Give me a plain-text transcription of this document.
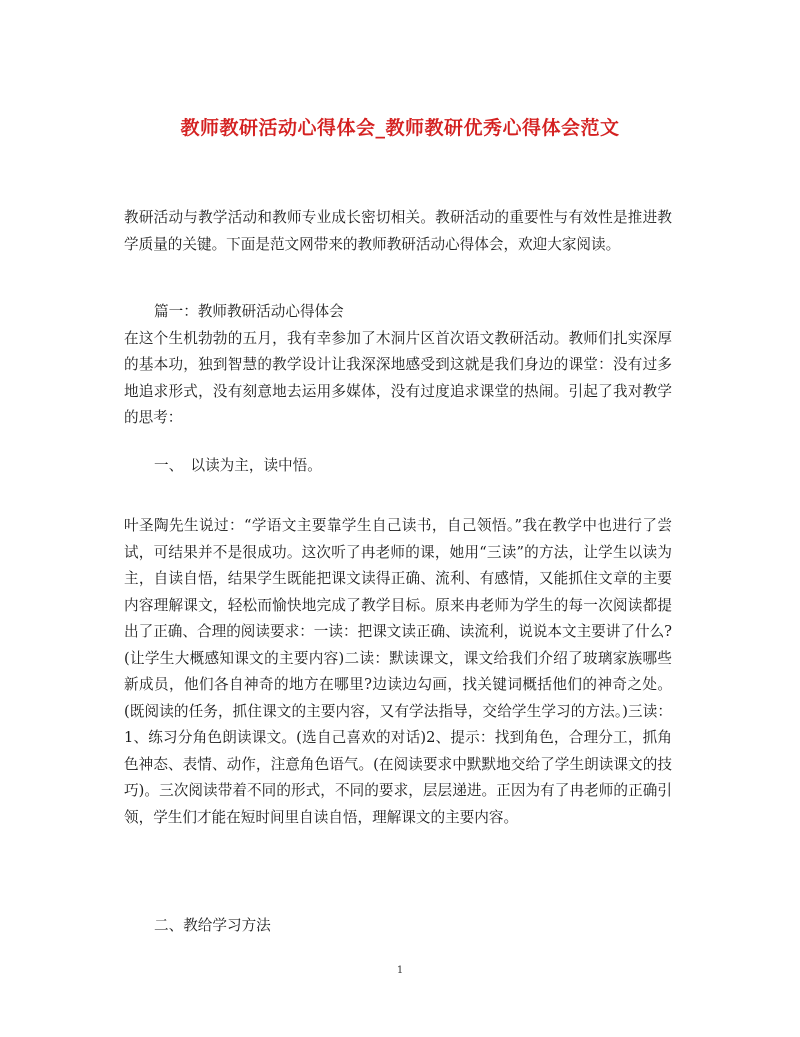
教师教研活动心得体会_教师教研优秀心得体会范文

教研活动与教学活动和教师专业成长密切相关。教研活动的重要性与有效性是推进教学质量的关键。下面是范文网带来的教师教研活动心得体会，欢迎大家阅读。

篇一：教师教研活动心得体会

在这个生机勃勃的五月，我有幸参加了木洞片区首次语文教研活动。教师们扎实深厚的基本功，独到智慧的教学设计让我深深地感受到这就是我们身边的课堂：没有过多地追求形式，没有刻意地去运用多媒体，没有过度追求课堂的热闹。引起了我对教学的思考：

一、　以读为主，读中悟。

叶圣陶先生说过：“学语文主要靠学生自己读书，自己领悟。”我在教学中也进行了尝试，可结果并不是很成功。这次听了冉老师的课，她用“三读”的方法，让学生以读为主，自读自悟，结果学生既能把课文读得正确、流利、有感情，又能抓住文章的主要内容理解课文，轻松而愉快地完成了教学目标。原来冉老师为学生的每一次阅读都提出了正确、合理的阅读要求：一读：把课文读正确、读流利，说说本文主要讲了什么?(让学生大概感知课文的主要内容)二读：默读课文，课文给我们介绍了玻璃家族哪些新成员，他们各自神奇的地方在哪里?边读边勾画，找关键词概括他们的神奇之处。(既阅读的任务，抓住课文的主要内容，又有学法指导，交给学生学习的方法。)三读：1、练习分角色朗读课文。(选自己喜欢的对话)2、提示：找到角色，合理分工，抓角色神态、表情、动作，注意角色语气。(在阅读要求中默默地交给了学生朗读课文的技巧)。三次阅读带着不同的形式，不同的要求，层层递进。正因为有了冉老师的正确引领，学生们才能在短时间里自读自悟，理解课文的主要内容。

二、教给学习方法
1
